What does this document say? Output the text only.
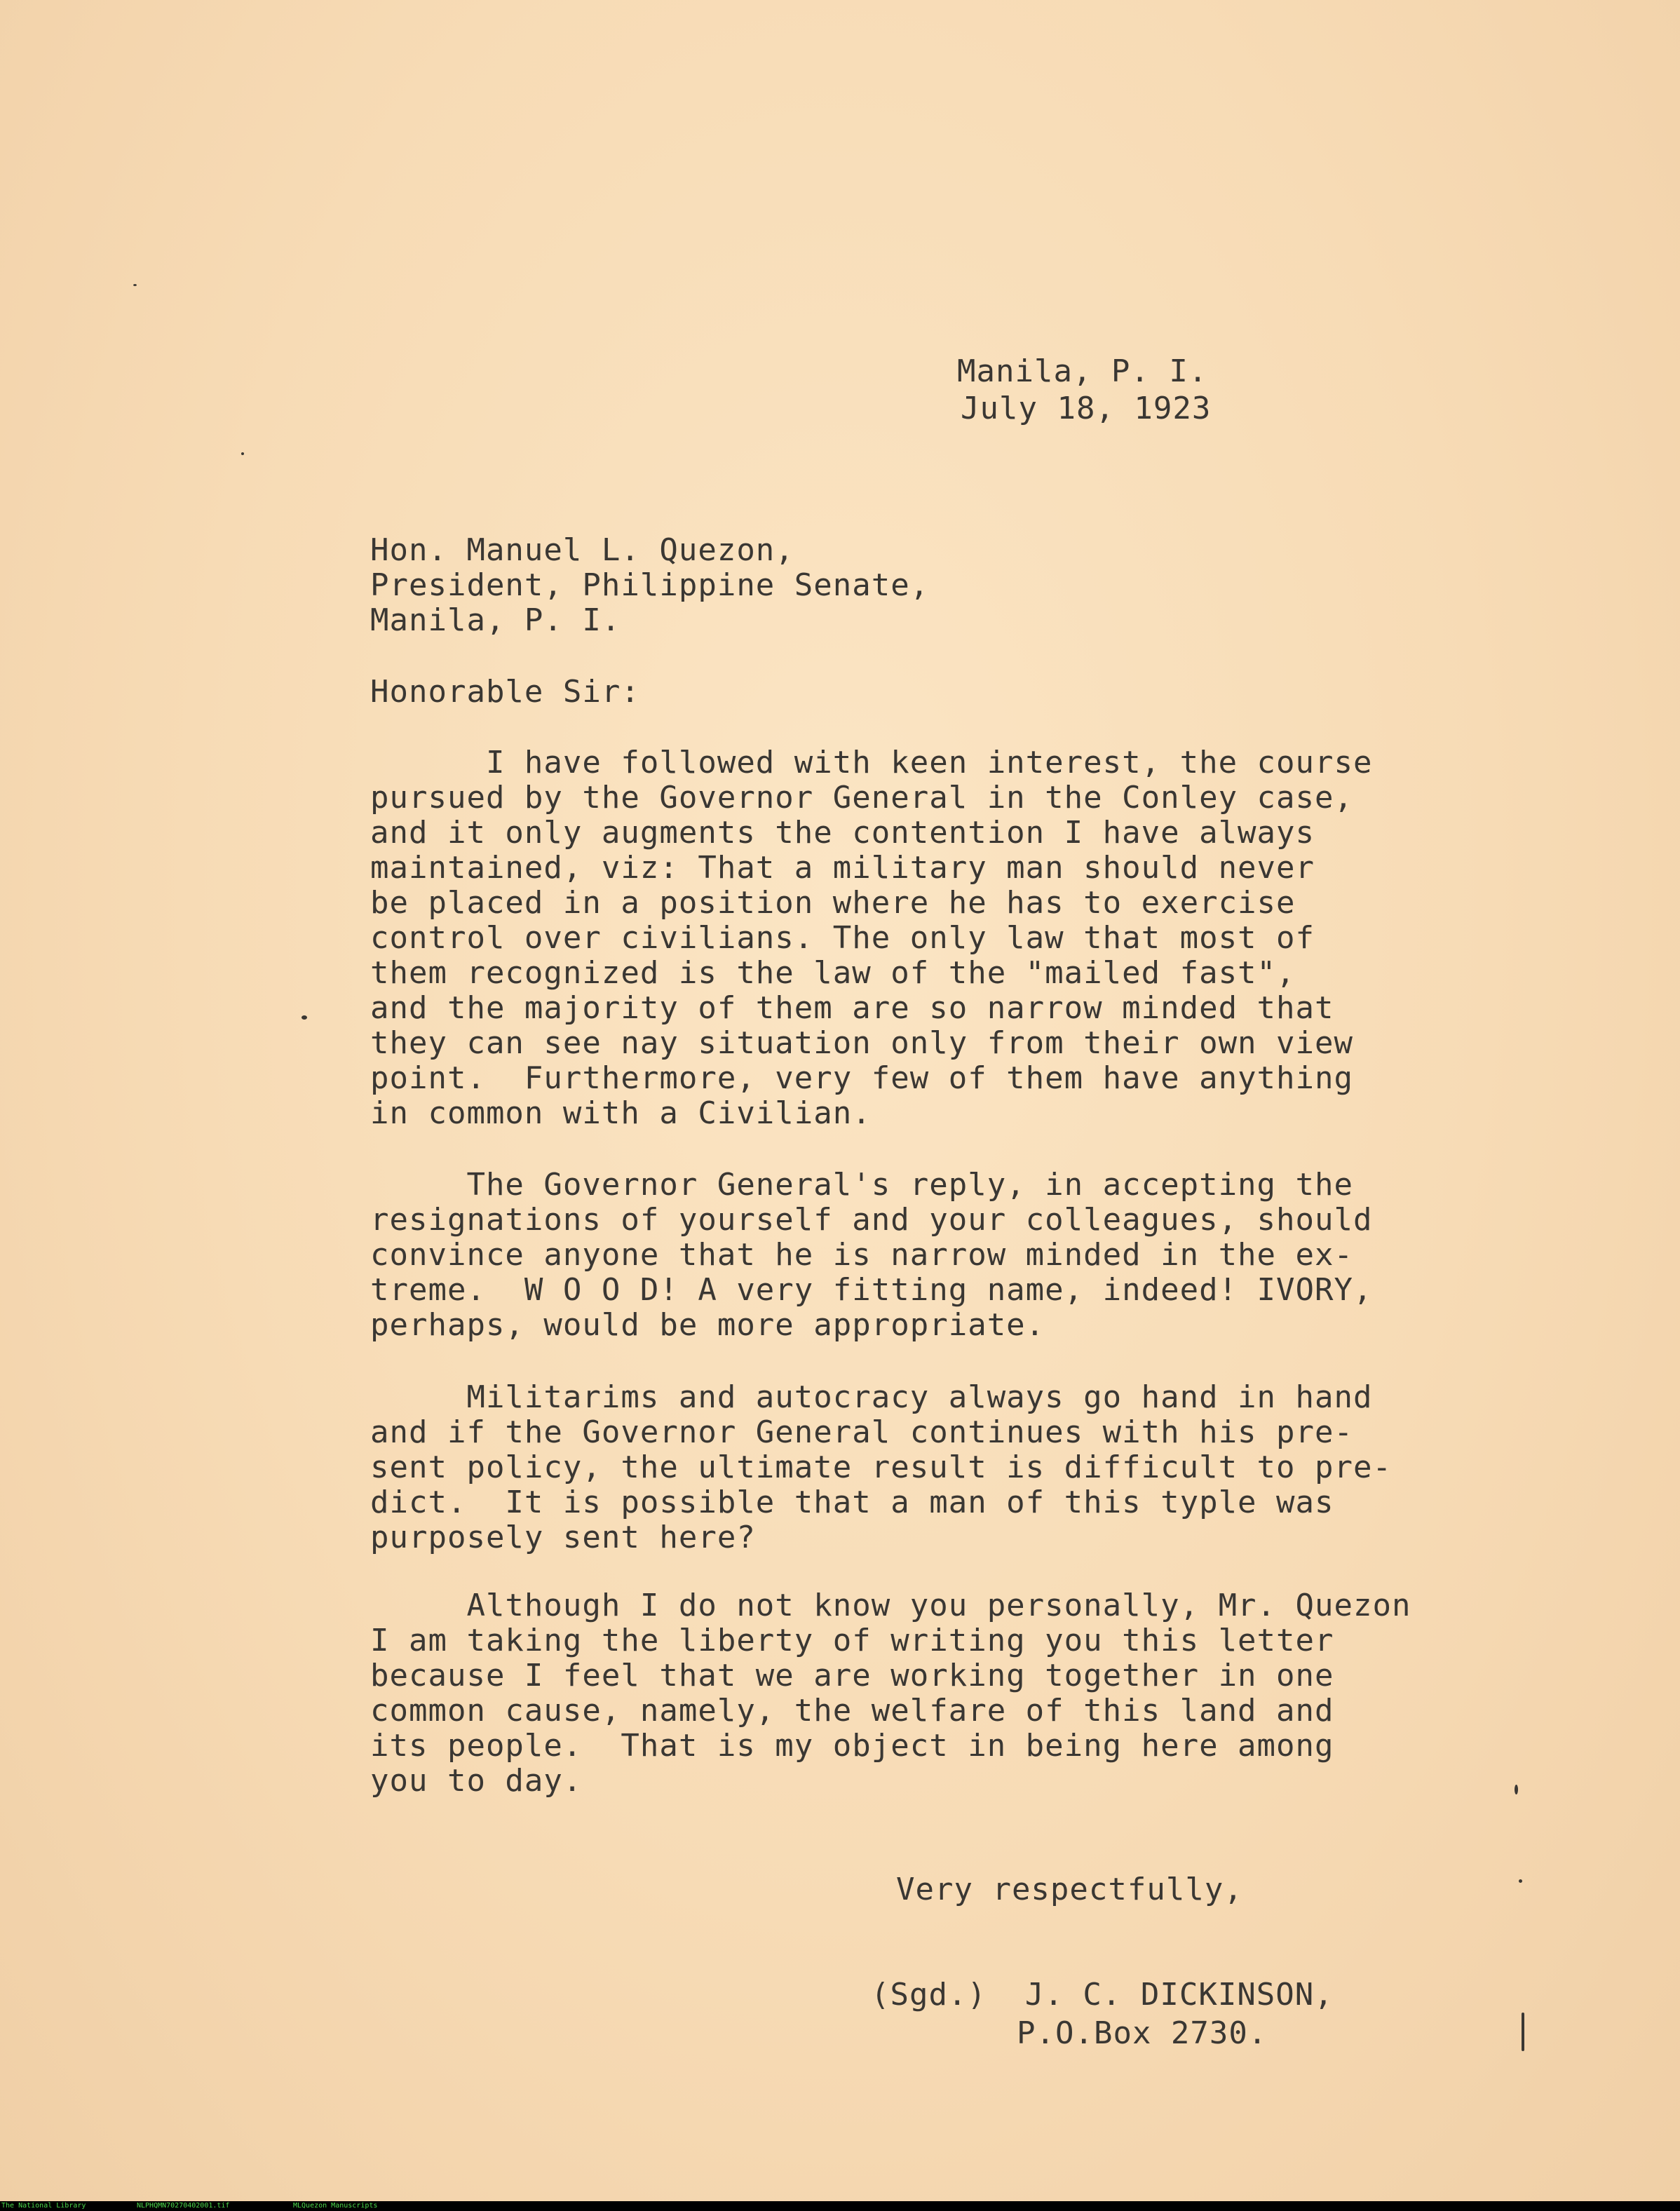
Manila, P. I.
July 18, 1923
Hon. Manuel L. Quezon,
President, Philippine Senate,
Manila, P. I.
Honorable Sir:
I have followed with keen interest, the course
pursued by the Governor General in the Conley case,
and it only augments the contention I have always
maintained, viz: That a military man should never
be placed in a position where he has to exercise
control over civilians. The only law that most of
them recognized is the law of the "mailed fast",
and the majority of them are so narrow minded that
they can see nay situation only from their own view
point.  Furthermore, very few of them have anything
in common with a Civilian.
The Governor General's reply, in accepting the
resignations of yourself and your colleagues, should
convince anyone that he is narrow minded in the ex-
treme.  W O O D! A very fitting name, indeed! IVORY,
perhaps, would be more appropriate.
Militarims and autocracy always go hand in hand
and if the Governor General continues with his pre-
sent policy, the ultimate result is difficult to pre-
dict.  It is possible that a man of this typle was
purposely sent here?
Although I do not know you personally, Mr. Quezon
I am taking the liberty of writing you this letter
because I feel that we are working together in one
common cause, namely, the welfare of this land and
its people.  That is my object in being here among
you to day.
Very respectfully,
(Sgd.)  J. C. DICKINSON,
P.O.Box 2730.
The National Library	NLPHQMN70270402001.tif	MLQuezon Manuscripts
